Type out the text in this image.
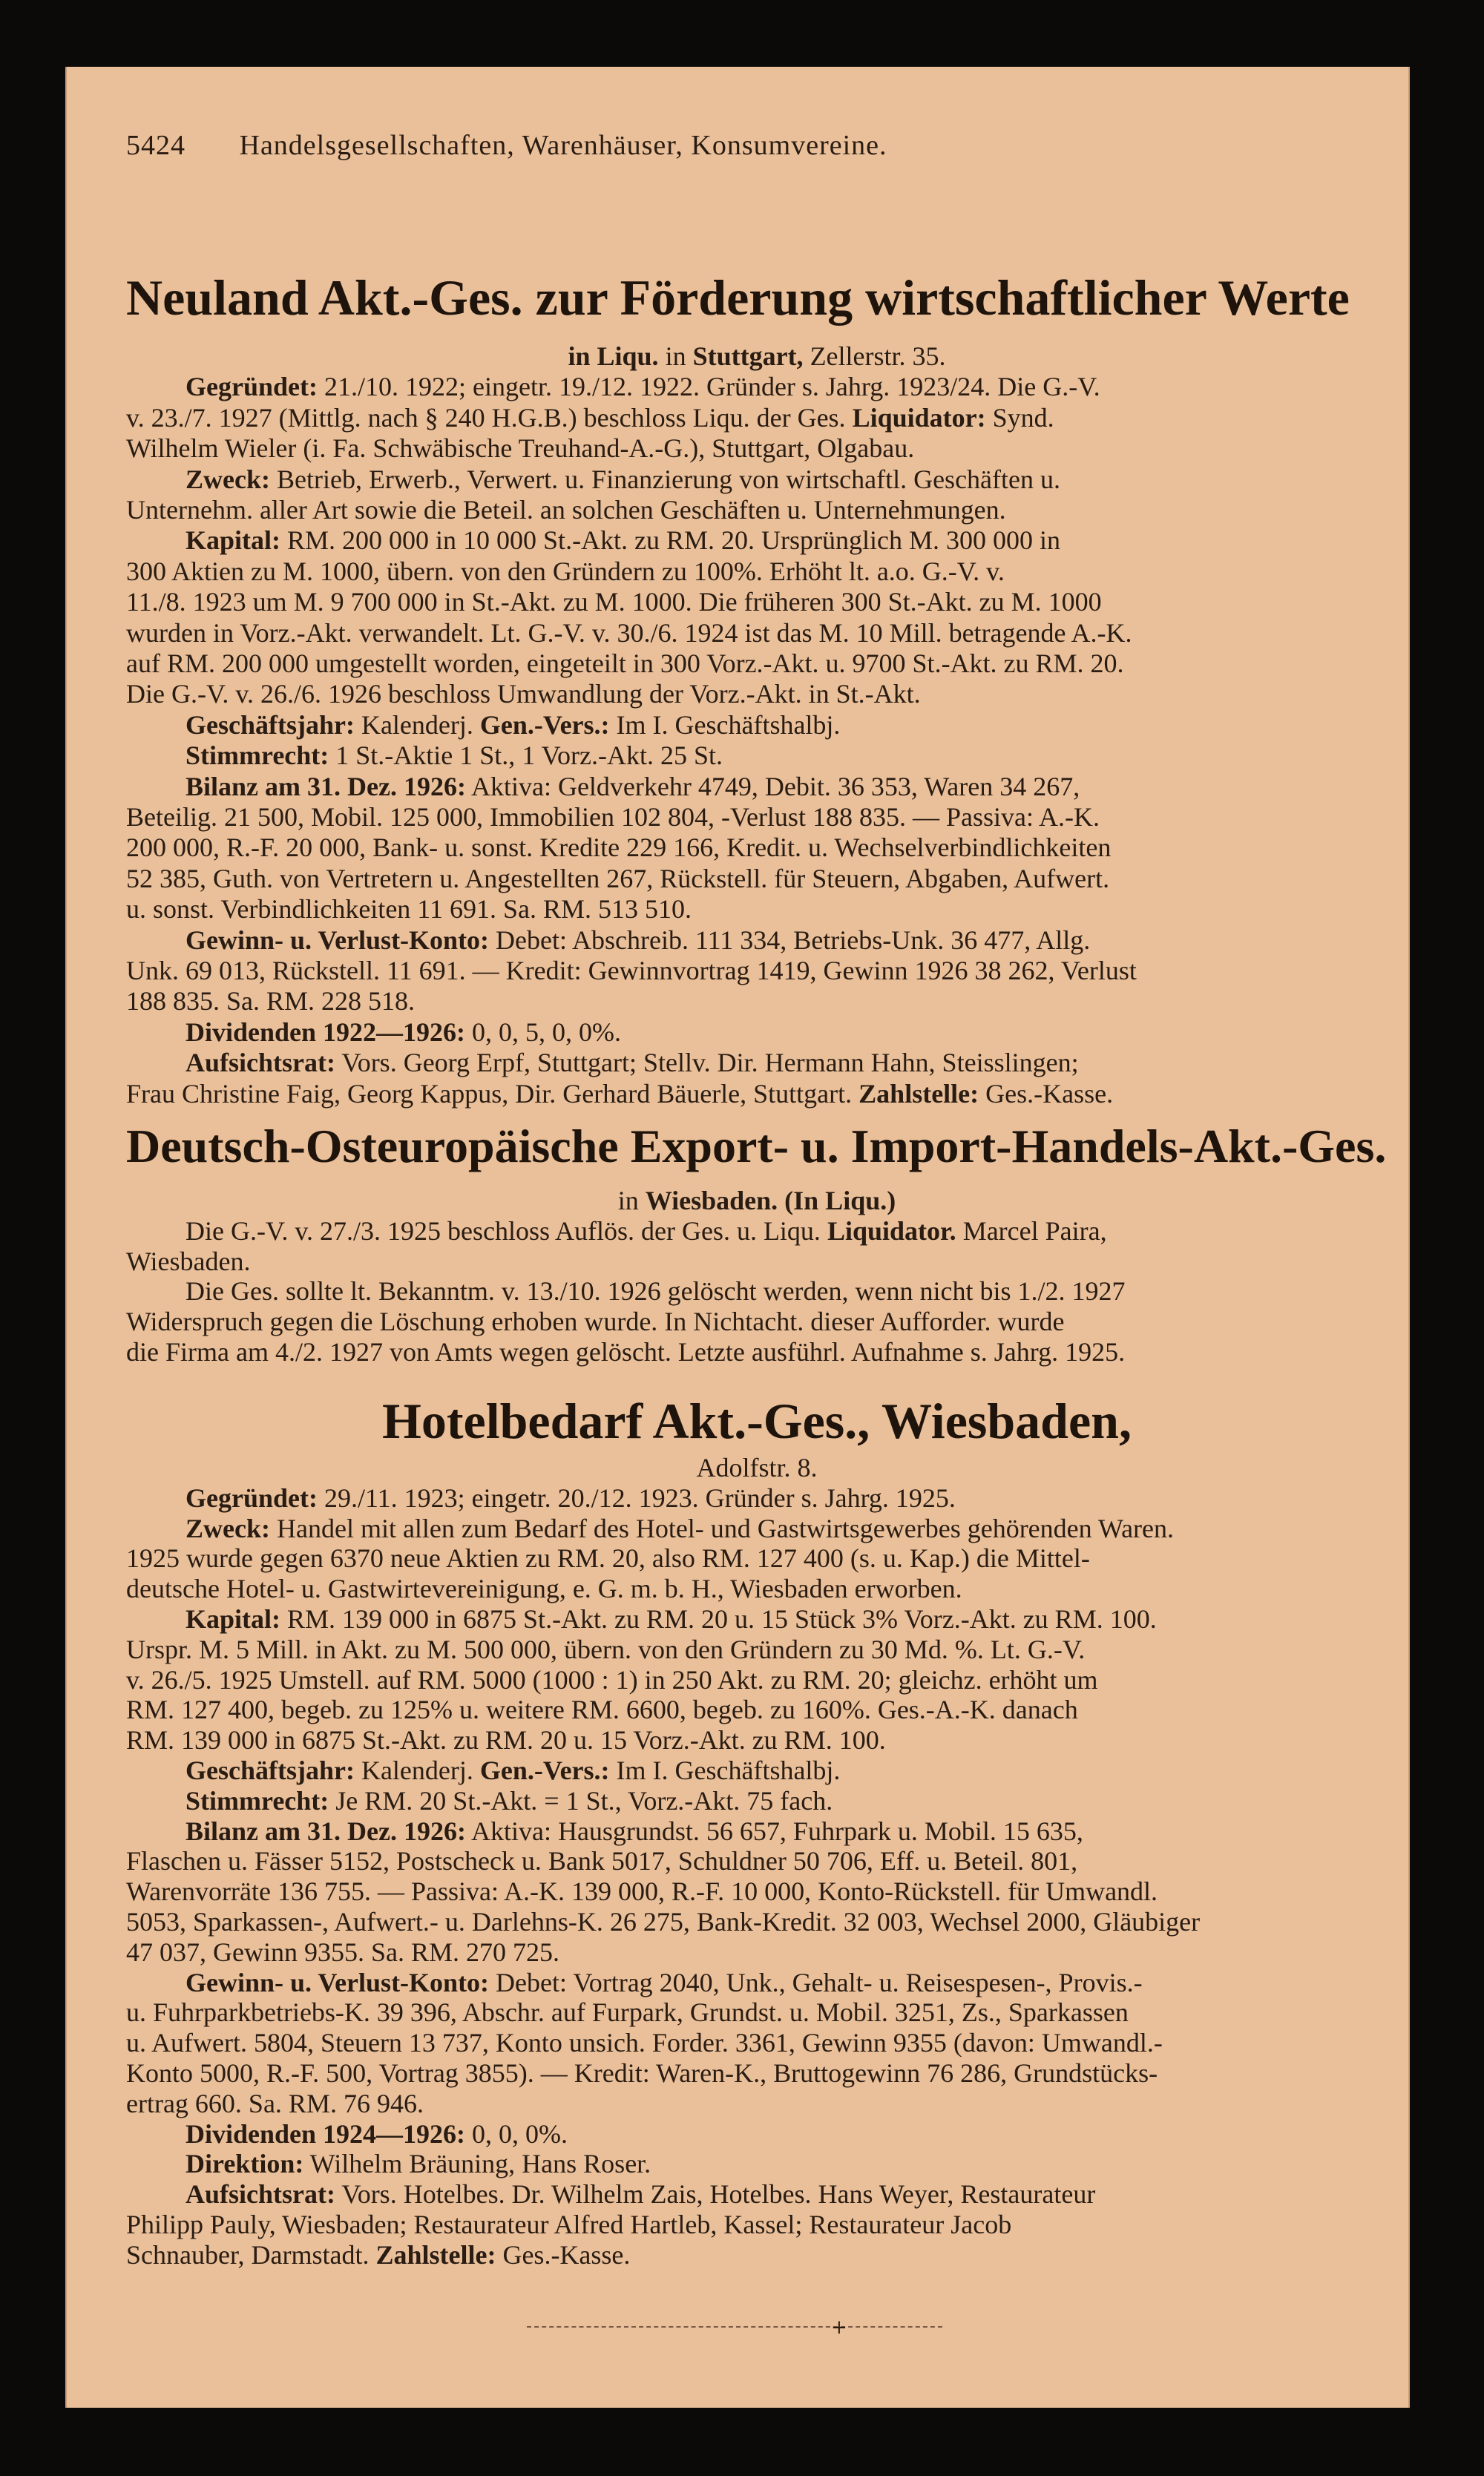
5424 Handelsgesellschaften, Warenhäuser, Konsumvereine.
Neuland Akt.-Ges. zur Förderung wirtschaftlicher Werte
in Liqu. in Stuttgart, Zellerstr. 35.
Gegründet: 21./10. 1922; eingetr. 19./12. 1922. Gründer s. Jahrg. 1923/24. Die G.-V.
v. 23./7. 1927 (Mittlg. nach § 240 H.G.B.) beschloss Liqu. der Ges. Liquidator: Synd.
Wilhelm Wieler (i. Fa. Schwäbische Treuhand-A.-G.), Stuttgart, Olgabau.
Zweck: Betrieb, Erwerb., Verwert. u. Finanzierung von wirtschaftl. Geschäften u.
Unternehm. aller Art sowie die Beteil. an solchen Geschäften u. Unternehmungen.
Kapital: RM. 200 000 in 10 000 St.-Akt. zu RM. 20. Ursprünglich M. 300 000 in
300 Aktien zu M. 1000, übern. von den Gründern zu 100%. Erhöht lt. a.o. G.-V. v.
11./8. 1923 um M. 9 700 000 in St.-Akt. zu M. 1000. Die früheren 300 St.-Akt. zu M. 1000
wurden in Vorz.-Akt. verwandelt. Lt. G.-V. v. 30./6. 1924 ist das M. 10 Mill. betragende A.-K.
auf RM. 200 000 umgestellt worden, eingeteilt in 300 Vorz.-Akt. u. 9700 St.-Akt. zu RM. 20.
Die G.-V. v. 26./6. 1926 beschloss Umwandlung der Vorz.-Akt. in St.-Akt.
Geschäftsjahr: Kalenderj. Gen.-Vers.: Im I. Geschäftshalbj.
Stimmrecht: 1 St.-Aktie 1 St., 1 Vorz.-Akt. 25 St.
Bilanz am 31. Dez. 1926: Aktiva: Geldverkehr 4749, Debit. 36 353, Waren 34 267,
Beteilig. 21 500, Mobil. 125 000, Immobilien 102 804, -Verlust 188 835. — Passiva: A.-K.
200 000, R.-F. 20 000, Bank- u. sonst. Kredite 229 166, Kredit. u. Wechselverbindlichkeiten
52 385, Guth. von Vertretern u. Angestellten 267, Rückstell. für Steuern, Abgaben, Aufwert.
u. sonst. Verbindlichkeiten 11 691. Sa. RM. 513 510.
Gewinn- u. Verlust-Konto: Debet: Abschreib. 111 334, Betriebs-Unk. 36 477, Allg.
Unk. 69 013, Rückstell. 11 691. — Kredit: Gewinnvortrag 1419, Gewinn 1926 38 262, Verlust
188 835. Sa. RM. 228 518.
Dividenden 1922—1926: 0, 0, 5, 0, 0%.
Aufsichtsrat: Vors. Georg Erpf, Stuttgart; Stellv. Dir. Hermann Hahn, Steisslingen;
Frau Christine Faig, Georg Kappus, Dir. Gerhard Bäuerle, Stuttgart. Zahlstelle: Ges.-Kasse.
Deutsch-Osteuropäische Export- u. Import-Handels-Akt.-Ges.
in Wiesbaden. (In Liqu.)
Die G.-V. v. 27./3. 1925 beschloss Auflös. der Ges. u. Liqu. Liquidator. Marcel Paira,
Wiesbaden.
Die Ges. sollte lt. Bekanntm. v. 13./10. 1926 gelöscht werden, wenn nicht bis 1./2. 1927
Widerspruch gegen die Löschung erhoben wurde. In Nichtacht. dieser Aufforder. wurde
die Firma am 4./2. 1927 von Amts wegen gelöscht. Letzte ausführl. Aufnahme s. Jahrg. 1925.
Hotelbedarf Akt.-Ges., Wiesbaden,
Adolfstr. 8.
Gegründet: 29./11. 1923; eingetr. 20./12. 1923. Gründer s. Jahrg. 1925.
Zweck: Handel mit allen zum Bedarf des Hotel- und Gastwirtsgewerbes gehörenden Waren.
1925 wurde gegen 6370 neue Aktien zu RM. 20, also RM. 127 400 (s. u. Kap.) die Mittel-
deutsche Hotel- u. Gastwirtevereinigung, e. G. m. b. H., Wiesbaden erworben.
Kapital: RM. 139 000 in 6875 St.-Akt. zu RM. 20 u. 15 Stück 3% Vorz.-Akt. zu RM. 100.
Urspr. M. 5 Mill. in Akt. zu M. 500 000, übern. von den Gründern zu 30 Md. %. Lt. G.-V.
v. 26./5. 1925 Umstell. auf RM. 5000 (1000 : 1) in 250 Akt. zu RM. 20; gleichz. erhöht um
RM. 127 400, begeb. zu 125% u. weitere RM. 6600, begeb. zu 160%. Ges.-A.-K. danach
RM. 139 000 in 6875 St.-Akt. zu RM. 20 u. 15 Vorz.-Akt. zu RM. 100.
Geschäftsjahr: Kalenderj. Gen.-Vers.: Im I. Geschäftshalbj.
Stimmrecht: Je RM. 20 St.-Akt. = 1 St., Vorz.-Akt. 75 fach.
Bilanz am 31. Dez. 1926: Aktiva: Hausgrundst. 56 657, Fuhrpark u. Mobil. 15 635,
Flaschen u. Fässer 5152, Postscheck u. Bank 5017, Schuldner 50 706, Eff. u. Beteil. 801,
Warenvorräte 136 755. — Passiva: A.-K. 139 000, R.-F. 10 000, Konto-Rückstell. für Umwandl.
5053, Sparkassen-, Aufwert.- u. Darlehns-K. 26 275, Bank-Kredit. 32 003, Wechsel 2000, Gläubiger
47 037, Gewinn 9355. Sa. RM. 270 725.
Gewinn- u. Verlust-Konto: Debet: Vortrag 2040, Unk., Gehalt- u. Reisespesen-, Provis.-
u. Fuhrparkbetriebs-K. 39 396, Abschr. auf Furpark, Grundst. u. Mobil. 3251, Zs., Sparkassen
u. Aufwert. 5804, Steuern 13 737, Konto unsich. Forder. 3361, Gewinn 9355 (davon: Umwandl.-
Konto 5000, R.-F. 500, Vortrag 3855). — Kredit: Waren-K., Bruttogewinn 76 286, Grundstücks-
ertrag 660. Sa. RM. 76 946.
Dividenden 1924—1926: 0, 0, 0%.
Direktion: Wilhelm Bräuning, Hans Roser.
Aufsichtsrat: Vors. Hotelbes. Dr. Wilhelm Zais, Hotelbes. Hans Weyer, Restaurateur
Philipp Pauly, Wiesbaden; Restaurateur Alfred Hartleb, Kassel; Restaurateur Jacob
Schnauber, Darmstadt. Zahlstelle: Ges.-Kasse.
+
